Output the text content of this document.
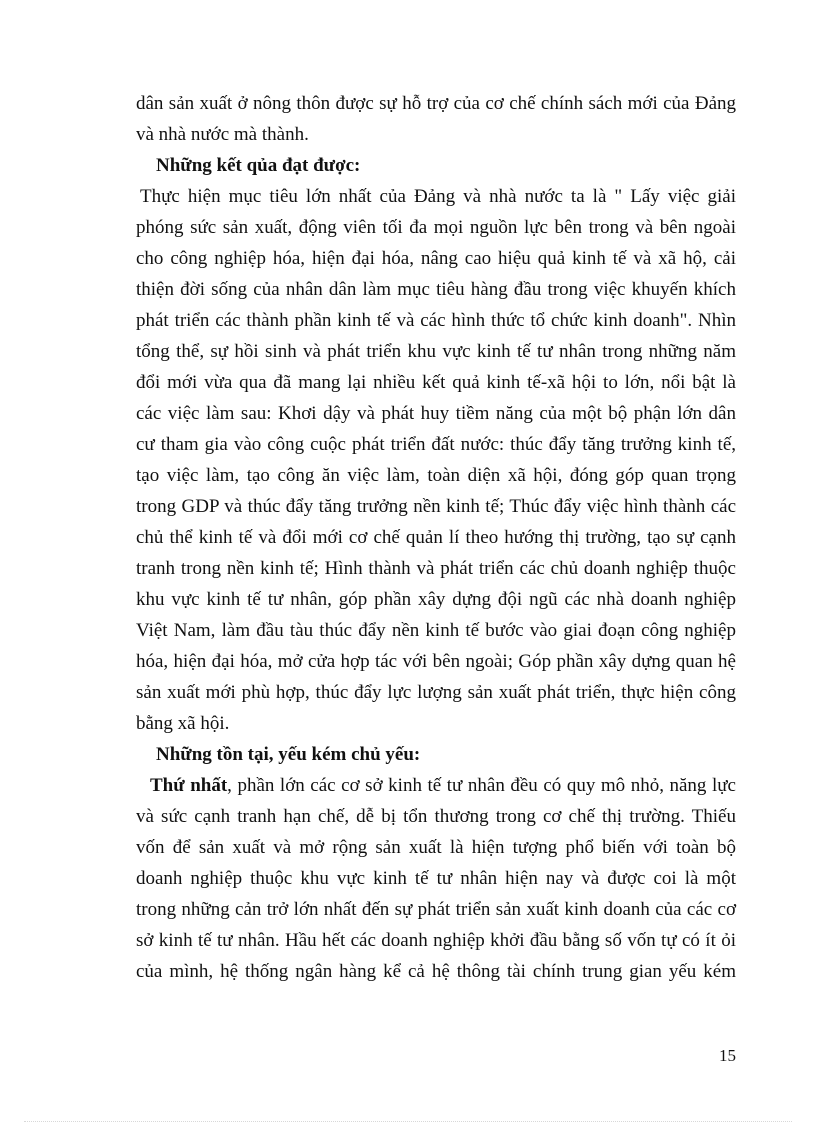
dân sản xuất ở nông thôn được sự hỗ trợ của cơ chế chính sách mới của Đảng
và nhà nước mà thành.
Những kết qủa đạt được:
Thực hiện mục tiêu lớn nhất của Đảng và nhà nước ta là " Lấy việc giải
phóng sức sản xuất, động viên tối đa mọi nguồn lực bên trong và bên ngoài
cho công nghiệp hóa, hiện đại hóa, nâng cao hiệu quả kinh tế và xã hộ, cải
thiện đời sống của nhân dân làm mục tiêu hàng đầu trong việc khuyến khích
phát triển các thành phần kinh tế và các hình thức tổ chức kinh doanh". Nhìn
tổng thể, sự hồi sinh và phát triển khu vực kinh tế tư nhân trong những năm
đổi mới vừa qua đã mang lại nhiều kết quả kinh tế-xã hội to lớn, nổi bật là
các việc làm sau: Khơi dậy và phát huy tiềm năng của một bộ phận lớn dân
cư tham gia vào công cuộc phát triển đất nước: thúc đẩy tăng trưởng kinh tế,
tạo việc làm, tạo công ăn việc làm, toàn diện xã hội, đóng góp quan trọng
trong GDP và thúc đẩy tăng trưởng nền kinh tế; Thúc đẩy việc hình thành các
chủ thể kinh tế và đổi mới cơ chế quản lí theo hướng thị trường, tạo sự cạnh
tranh trong nền kinh tế; Hình thành và phát triển các chủ doanh nghiệp thuộc
khu vực kinh tế tư nhân, góp phần xây dựng đội ngũ các nhà doanh nghiệp
Việt Nam, làm đầu tàu thúc đẩy nền kinh tế bước vào giai đoạn công nghiệp
hóa, hiện đại hóa, mở cửa hợp tác với bên ngoài; Góp phần xây dựng quan hệ
sản xuất mới phù hợp, thúc đẩy lực lượng sản xuất phát triển, thực hiện công
bằng xã hội.
Những tồn tại, yếu kém chủ yếu:
Thứ nhất, phần lớn các cơ sở kinh tế tư nhân đều có quy mô nhỏ, năng lực
và sức cạnh tranh hạn chế, dễ bị tổn thương trong cơ chế thị trường. Thiếu
vốn để sản xuất và mở rộng sản xuất là hiện tượng phổ biến với toàn bộ
doanh nghiệp thuộc khu vực kinh tế tư nhân hiện nay và được coi là một
trong những cản trở lớn nhất đến sự phát triển sản xuất kinh doanh của các cơ
sở kinh tế tư nhân. Hầu hết các doanh nghiệp khởi đầu bằng số vốn tự có ít ỏi
của mình, hệ thống ngân hàng kể cả hệ thông tài chính trung gian yếu kém
15
